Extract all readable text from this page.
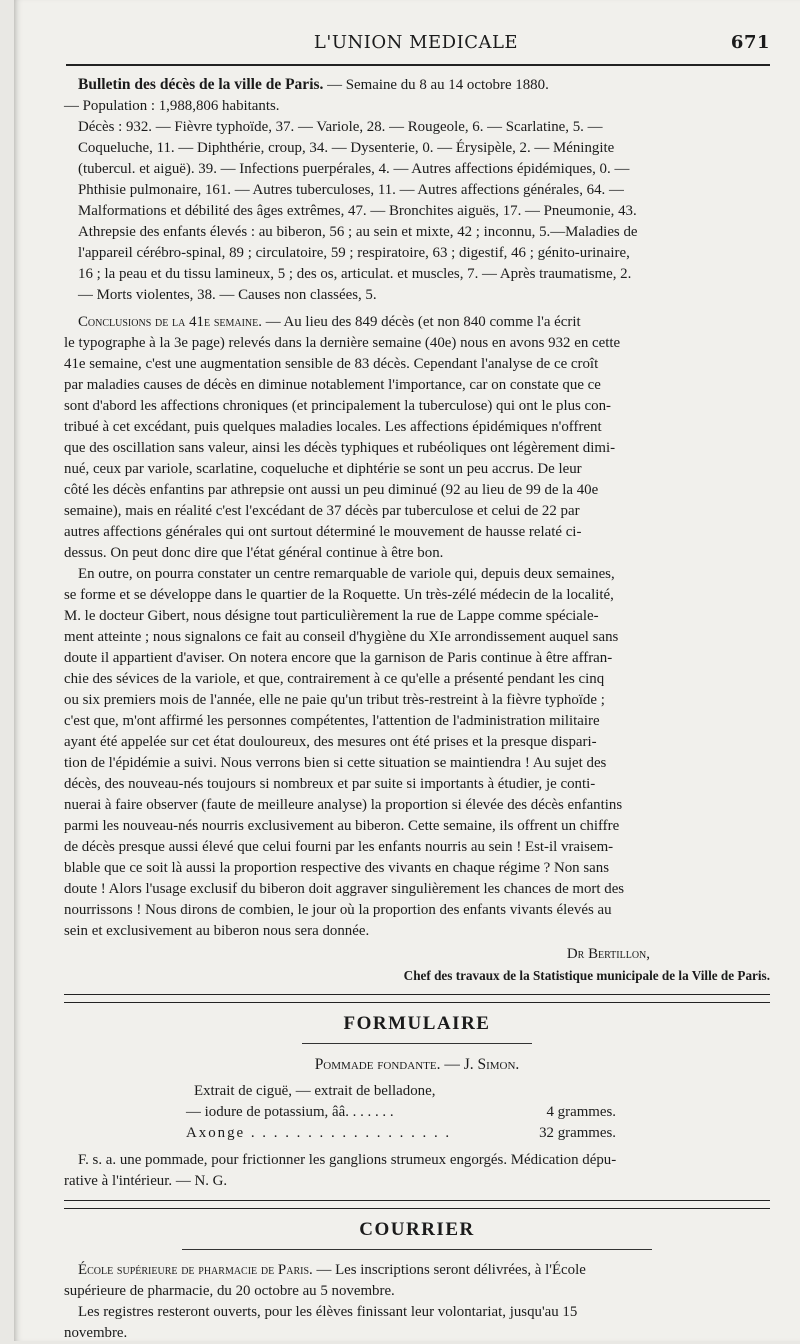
L'UNION MEDICALE	671
Bulletin des décès de la ville de Paris. — Semaine du 8 au 14 octobre 1880.
— Population : 1,988,806 habitants.
Décès : 932. — Fièvre typhoïde, 37. — Variole, 28. — Rougeole, 6. — Scarlatine, 5. —
Coqueluche, 11. — Diphthérie, croup, 34. — Dysenterie, 0. — Érysipèle, 2. — Méningite
(tubercul. et aiguë). 39. — Infections puerpérales, 4. — Autres affections épidémiques, 0. —
Phthisie pulmonaire, 161. — Autres tuberculoses, 11. — Autres affections générales, 64. —
Malformations et débilité des âges extrêmes, 47. — Bronchites aiguës, 17. — Pneumonie, 43.
Athrepsie des enfants élevés : au biberon, 56 ; au sein et mixte, 42 ; inconnu, 5.—Maladies de
l'appareil cérébro-spinal, 89 ; circulatoire, 59 ; respiratoire, 63 ; digestif, 46 ; génito-urinaire,
16 ; la peau et du tissu lamineux, 5 ; des os, articulat. et muscles, 7. — Après traumatisme, 2.
— Morts violentes, 38. — Causes non classées, 5.
Conclusions de la 41e semaine. — Au lieu des 849 décès (et non 840 comme l'a écrit
le typographe à la 3e page) relevés dans la dernière semaine (40e) nous en avons 932 en cette
41e semaine, c'est une augmentation sensible de 83 décès. Cependant l'analyse de ce croît
par maladies causes de décès en diminue notablement l'importance, car on constate que ce
sont d'abord les affections chroniques (et principalement la tuberculose) qui ont le plus con-
tribué à cet excédant, puis quelques maladies locales. Les affections épidémiques n'offrent
que des oscillation sans valeur, ainsi les décès typhiques et rubéoliques ont légèrement dimi-
nué, ceux par variole, scarlatine, coqueluche et diphtérie se sont un peu accrus. De leur
côté les décès enfantins par athrepsie ont aussi un peu diminué (92 au lieu de 99 de la 40e
semaine), mais en réalité c'est l'excédant de 37 décès par tuberculose et celui de 22 par
autres affections générales qui ont surtout déterminé le mouvement de hausse relaté ci-
dessus. On peut donc dire que l'état général continue à être bon.
En outre, on pourra constater un centre remarquable de variole qui, depuis deux semaines,
se forme et se développe dans le quartier de la Roquette. Un très-zélé médecin de la localité,
M. le docteur Gibert, nous désigne tout particulièrement la rue de Lappe comme spéciale-
ment atteinte ; nous signalons ce fait au conseil d'hygiène du XIe arrondissement auquel sans
doute il appartient d'aviser. On notera encore que la garnison de Paris continue à être affran-
chie des sévices de la variole, et que, contrairement à ce qu'elle a présenté pendant les cinq
ou six premiers mois de l'année, elle ne paie qu'un tribut très-restreint à la fièvre typhoïde ;
c'est que, m'ont affirmé les personnes compétentes, l'attention de l'administration militaire
ayant été appelée sur cet état douloureux, des mesures ont été prises et la presque dispari-
tion de l'épidémie a suivi. Nous verrons bien si cette situation se maintiendra ! Au sujet des
décès, des nouveau-nés toujours si nombreux et par suite si importants à étudier, je conti-
nuerai à faire observer (faute de meilleure analyse) la proportion si élevée des décès enfantins
parmi les nouveau-nés nourris exclusivement au biberon. Cette semaine, ils offrent un chiffre
de décès presque aussi élevé que celui fourni par les enfants nourris au sein ! Est-il vraisem-
blable que ce soit là aussi la proportion respective des vivants en chaque régime ? Non sans
doute ! Alors l'usage exclusif du biberon doit aggraver singulièrement les chances de mort des
nourrissons ! Nous dirons de combien, le jour où la proportion des enfants vivants élevés au
sein et exclusivement au biberon nous sera donnée.
Dr Bertillon,
Chef des travaux de la Statistique municipale de la Ville de Paris.
FORMULAIRE
Pommade fondante. — J. Simon.
Extrait de ciguë, — extrait de belladone,
— iodure de potassium, ââ. . . . . . .	4 grammes.
Axonge . . . . . . . . . . . . . . . . . .	32 grammes.
F. s. a. une pommade, pour frictionner les ganglions strumeux engorgés. Médication dépu-
rative à l'intérieur. — N. G.
COURRIER
École supérieure de pharmacie de Paris. — Les inscriptions seront délivrées, à l'École
supérieure de pharmacie, du 20 octobre au 5 novembre.
Les registres resteront ouverts, pour les élèves finissant leur volontariat, jusqu'au 15
novembre.
